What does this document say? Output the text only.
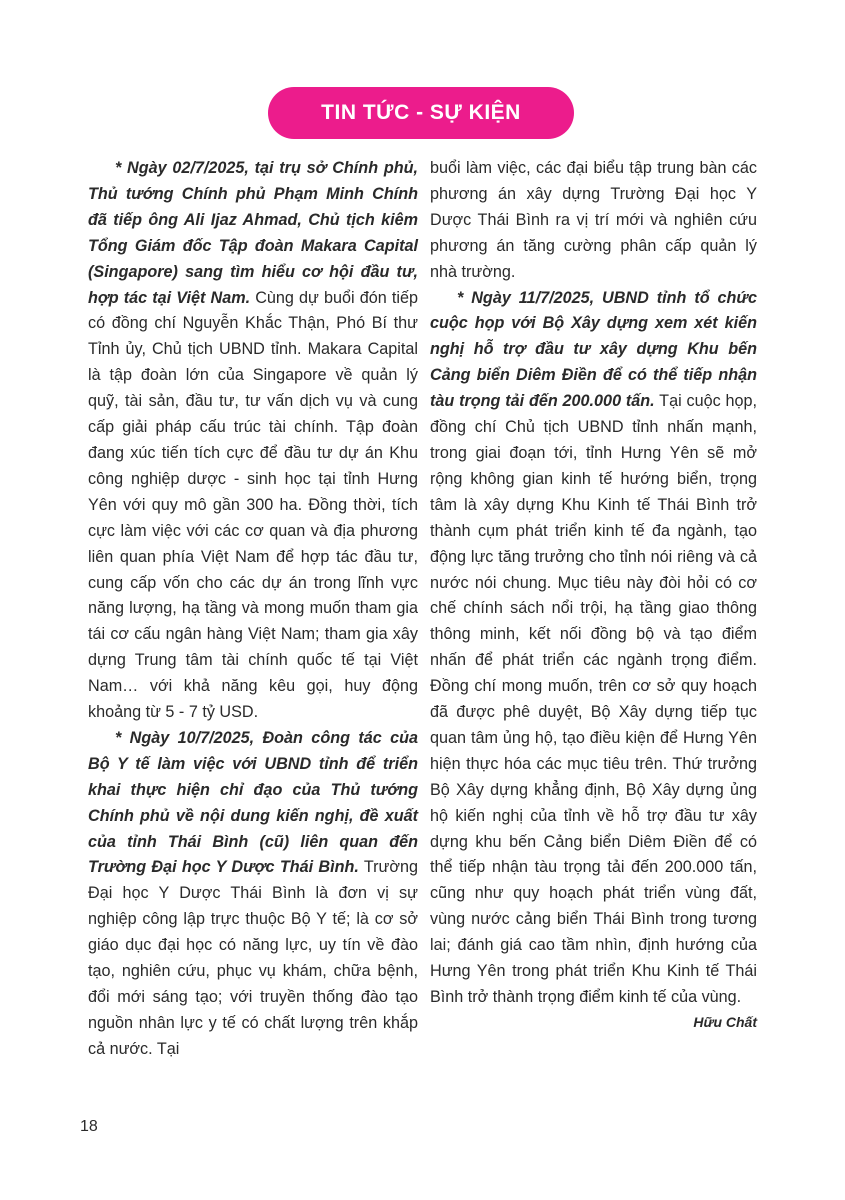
TIN TỨC - SỰ KIỆN

* Ngày 02/7/2025, tại trụ sở Chính phủ, Thủ tướng Chính phủ Phạm Minh Chính đã tiếp ông Ali Ijaz Ahmad, Chủ tịch kiêm Tổng Giám đốc Tập đoàn Makara Capital (Singapore) sang tìm hiểu cơ hội đầu tư, hợp tác tại Việt Nam. Cùng dự buổi đón tiếp có đồng chí Nguyễn Khắc Thận, Phó Bí thư Tỉnh ủy, Chủ tịch UBND tỉnh. Makara Capital là tập đoàn lớn của Singapore về quản lý quỹ, tài sản, đầu tư, tư vấn dịch vụ và cung cấp giải pháp cấu trúc tài chính. Tập đoàn đang xúc tiến tích cực để đầu tư dự án Khu công nghiệp dược - sinh học tại tỉnh Hưng Yên với quy mô gần 300 ha. Đồng thời, tích cực làm việc với các cơ quan và địa phương liên quan phía Việt Nam để hợp tác đầu tư, cung cấp vốn cho các dự án trong lĩnh vực năng lượng, hạ tầng và mong muốn tham gia tái cơ cấu ngân hàng Việt Nam; tham gia xây dựng Trung tâm tài chính quốc tế tại Việt Nam… với khả năng kêu gọi, huy động khoảng từ 5 - 7 tỷ USD.

* Ngày 10/7/2025, Đoàn công tác của Bộ Y tế làm việc với UBND tỉnh để triển khai thực hiện chỉ đạo của Thủ tướng Chính phủ về nội dung kiến nghị, đề xuất của tỉnh Thái Bình (cũ) liên quan đến Trường Đại học Y Dược Thái Bình. Trường Đại học Y Dược Thái Bình là đơn vị sự nghiệp công lập trực thuộc Bộ Y tế; là cơ sở giáo dục đại học có năng lực, uy tín về đào tạo, nghiên cứu, phục vụ khám, chữa bệnh, đổi mới sáng tạo; với truyền thống đào tạo nguồn nhân lực y tế có chất lượng trên khắp cả nước. Tại

buổi làm việc, các đại biểu tập trung bàn các phương án xây dựng Trường Đại học Y Dược Thái Bình ra vị trí mới và nghiên cứu phương án tăng cường phân cấp quản lý nhà trường.

* Ngày 11/7/2025, UBND tỉnh tổ chức cuộc họp với Bộ Xây dựng xem xét kiến nghị hỗ trợ đầu tư xây dựng Khu bến Cảng biển Diêm Điền để có thể tiếp nhận tàu trọng tải đến 200.000 tấn. Tại cuộc họp, đồng chí Chủ tịch UBND tỉnh nhấn mạnh, trong giai đoạn tới, tỉnh Hưng Yên sẽ mở rộng không gian kinh tế hướng biển, trọng tâm là xây dựng Khu Kinh tế Thái Bình trở thành cụm phát triển kinh tế đa ngành, tạo động lực tăng trưởng cho tỉnh nói riêng và cả nước nói chung. Mục tiêu này đòi hỏi có cơ chế chính sách nổi trội, hạ tầng giao thông thông minh, kết nối đồng bộ và tạo điểm nhấn để phát triển các ngành trọng điểm. Đồng chí mong muốn, trên cơ sở quy hoạch đã được phê duyệt, Bộ Xây dựng tiếp tục quan tâm ủng hộ, tạo điều kiện để Hưng Yên hiện thực hóa các mục tiêu trên. Thứ trưởng Bộ Xây dựng khẳng định, Bộ Xây dựng ủng hộ kiến nghị của tỉnh về hỗ trợ đầu tư xây dựng khu bến Cảng biển Diêm Điền để có thể tiếp nhận tàu trọng tải đến 200.000 tấn, cũng như quy hoạch phát triển vùng đất, vùng nước cảng biển Thái Bình trong tương lai; đánh giá cao tầm nhìn, định hướng của Hưng Yên trong phát triển Khu Kinh tế Thái Bình trở thành trọng điểm kinh tế của vùng.

Hữu Chất

18
